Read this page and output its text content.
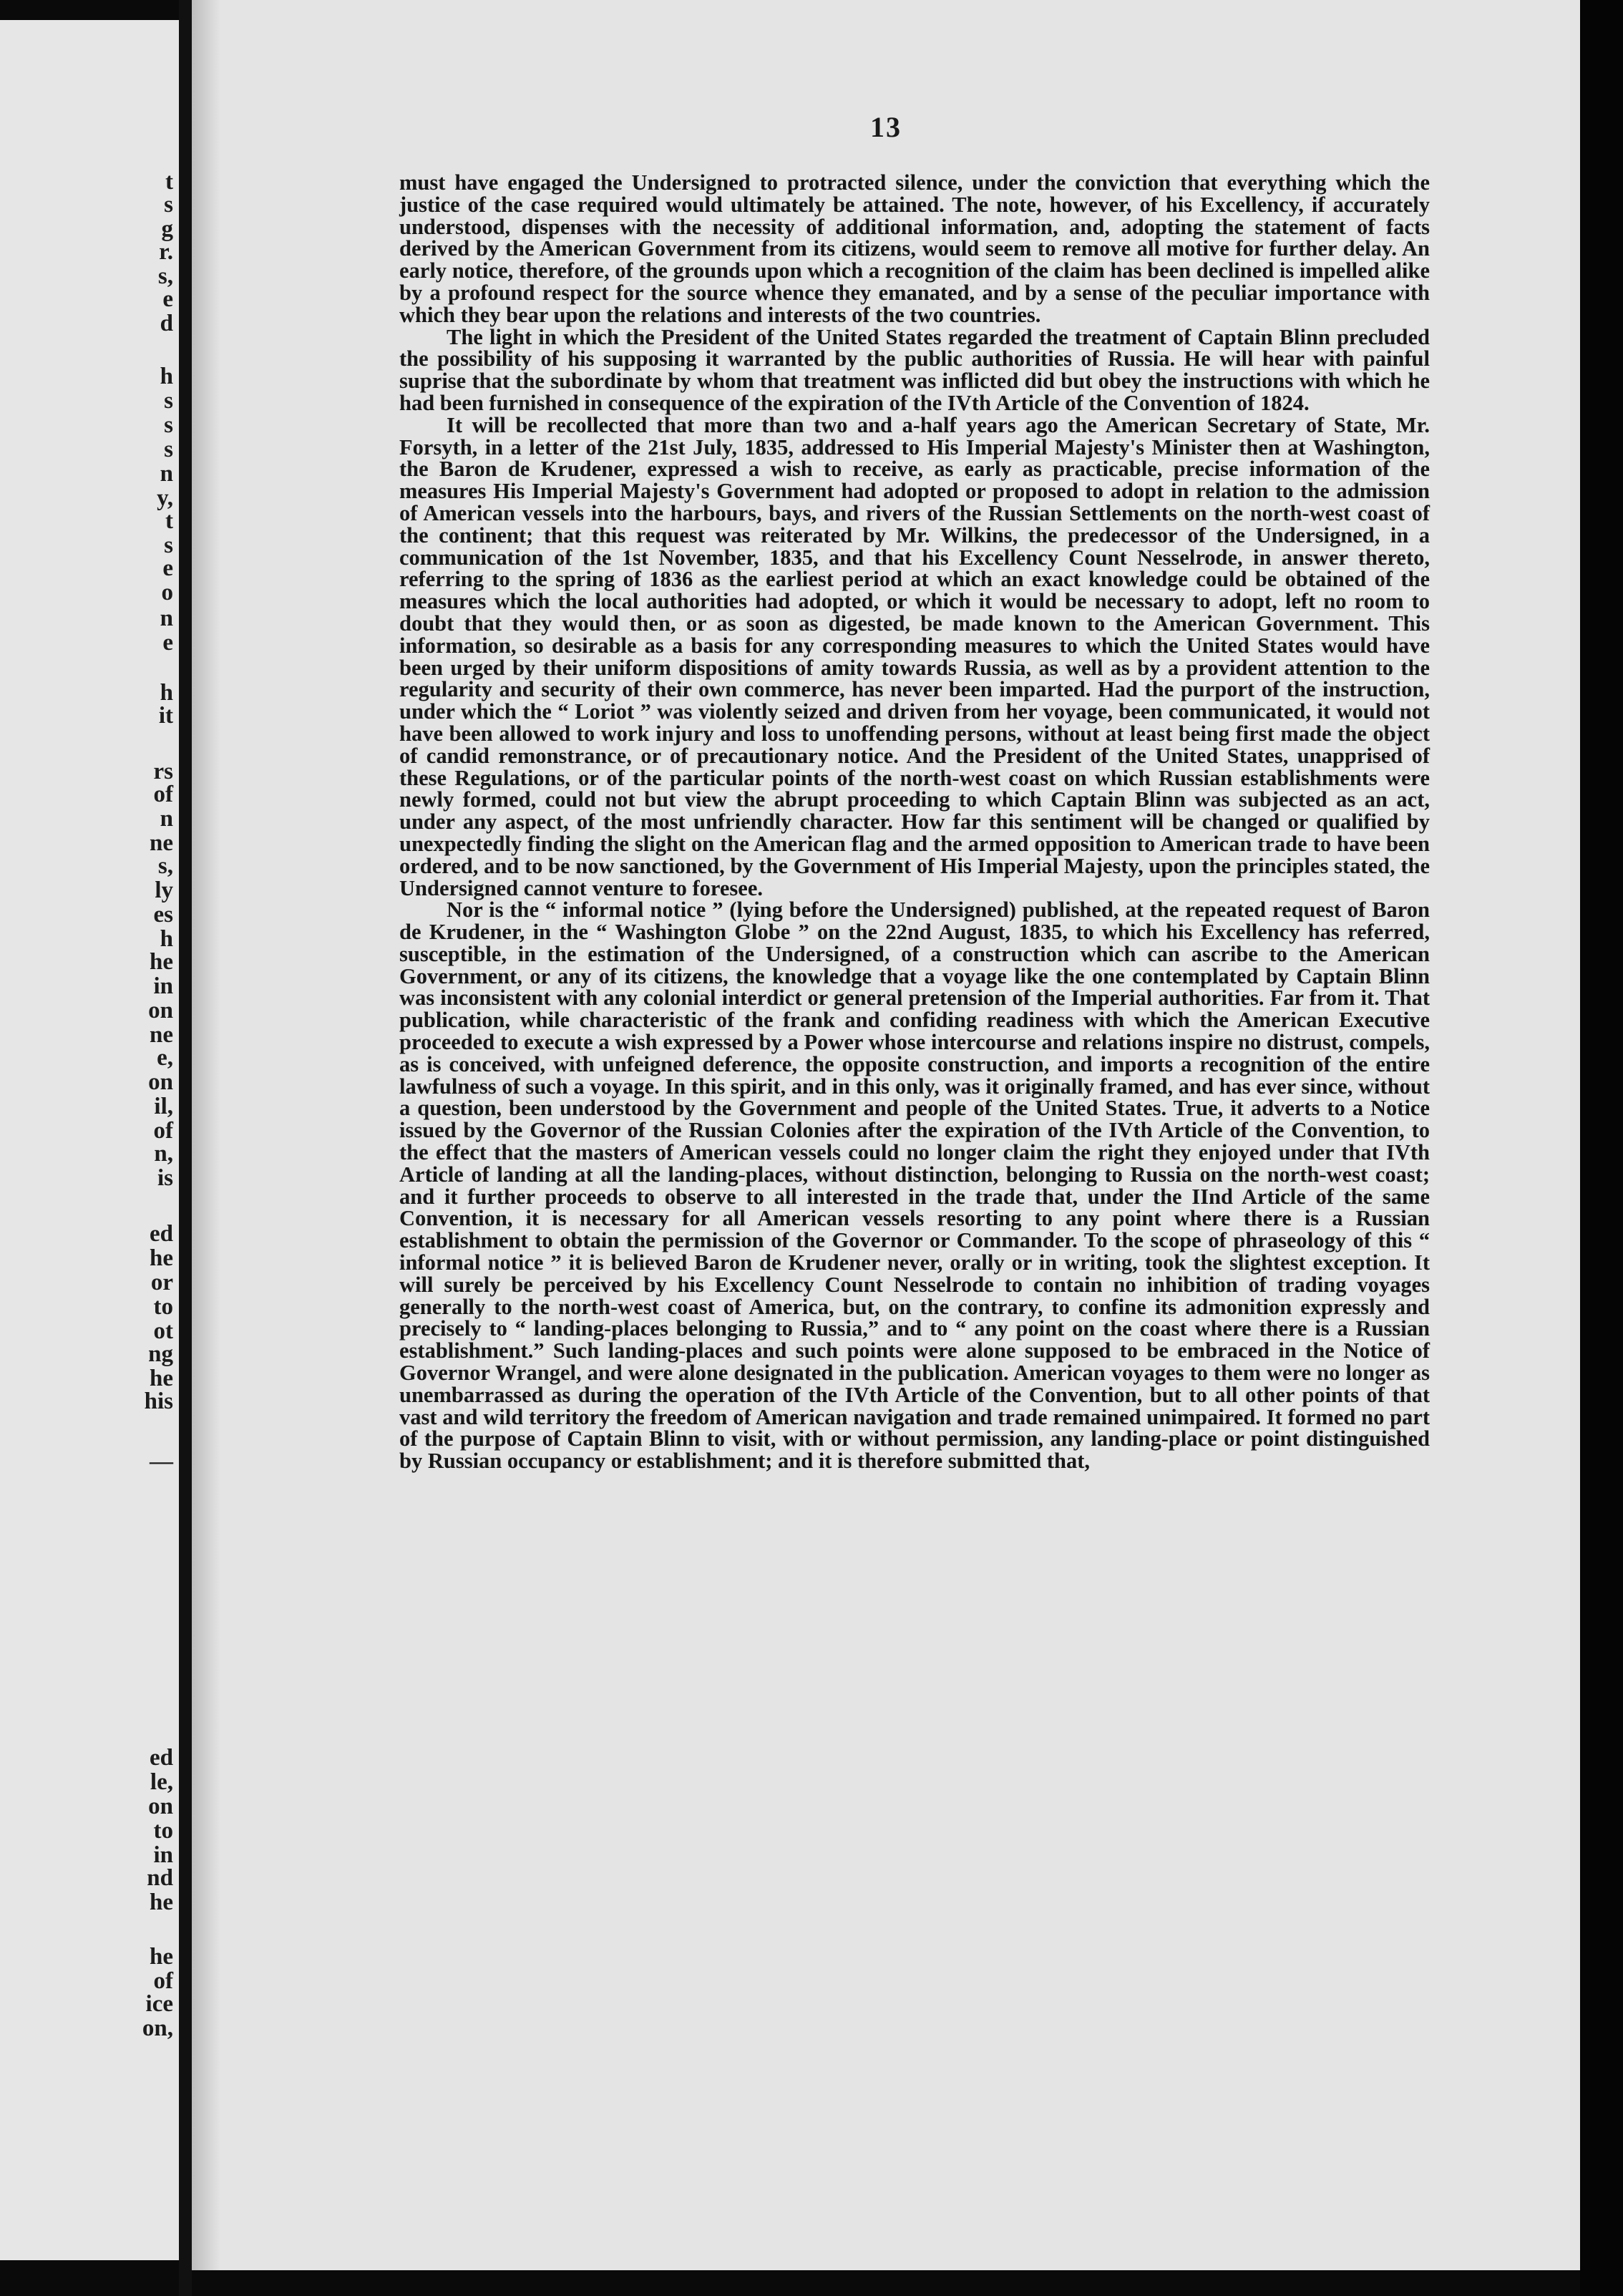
t
s
g
r.
s,
e
d
h
s
s
s
n
y,
t
s
e
o
n
e
h
it
rs
of
n
ne
s,
ly
es
h
he
in
on
ne
e,
on
il,
of
n,
is
ed
he
or
to
ot
ng
he
his
—
ed
le,
on
to
in
nd
he
he
of
ice
on,
13

must have engaged the Undersigned to protracted silence, under the conviction that everything which the justice of the case required would ultimately be attained. The note, however, of his Excellency, if accurately understood, dispenses with the necessity of additional information, and, adopting the statement of facts derived by the American Government from its citizens, would seem to remove all motive for further delay. An early notice, therefore, of the grounds upon which a recognition of the claim has been declined is impelled alike by a profound respect for the source whence they emanated, and by a sense of the peculiar importance with which they bear upon the relations and interests of the two countries.

The light in which the President of the United States regarded the treatment of Captain Blinn precluded the possibility of his supposing it warranted by the public authorities of Russia. He will hear with painful suprise that the subordinate by whom that treatment was inflicted did but obey the instructions with which he had been furnished in consequence of the expiration of the IVth Article of the Convention of 1824.

It will be recollected that more than two and a-half years ago the American Secretary of State, Mr. Forsyth, in a letter of the 21st July, 1835, addressed to His Imperial Majesty's Minister then at Washington, the Baron de Krudener, expressed a wish to receive, as early as practicable, precise information of the measures His Imperial Majesty's Government had adopted or proposed to adopt in relation to the admission of American vessels into the harbours, bays, and rivers of the Russian Settlements on the north-west coast of the continent; that this request was reiterated by Mr. Wilkins, the predecessor of the Undersigned, in a communication of the 1st November, 1835, and that his Excellency Count Nesselrode, in answer thereto, referring to the spring of 1836 as the earliest period at which an exact knowledge could be obtained of the measures which the local authorities had adopted, or which it would be necessary to adopt, left no room to doubt that they would then, or as soon as digested, be made known to the American Government. This information, so desirable as a basis for any corresponding measures to which the United States would have been urged by their uniform dispositions of amity towards Russia, as well as by a provident attention to the regularity and security of their own commerce, has never been imparted. Had the purport of the instruction, under which the “ Loriot ” was violently seized and driven from her voyage, been communicated, it would not have been allowed to work injury and loss to unoffending persons, without at least being first made the object of candid remonstrance, or of precautionary notice. And the President of the United States, unapprised of these Regulations, or of the particular points of the north-west coast on which Russian establishments were newly formed, could not but view the abrupt proceeding to which Captain Blinn was subjected as an act, under any aspect, of the most unfriendly character. How far this sentiment will be changed or qualified by unexpectedly finding the slight on the American flag and the armed opposition to American trade to have been ordered, and to be now sanctioned, by the Government of His Imperial Majesty, upon the principles stated, the Undersigned cannot venture to foresee.

Nor is the “ informal notice ” (lying before the Undersigned) published, at the repeated request of Baron de Krudener, in the “ Washington Globe ” on the 22nd August, 1835, to which his Excellency has referred, susceptible, in the estimation of the Undersigned, of a construction which can ascribe to the American Government, or any of its citizens, the knowledge that a voyage like the one contemplated by Captain Blinn was inconsistent with any colonial interdict or general pretension of the Imperial authorities. Far from it. That publication, while characteristic of the frank and confiding readiness with which the American Executive proceeded to execute a wish expressed by a Power whose intercourse and relations inspire no distrust, compels, as is conceived, with unfeigned deference, the opposite construction, and imports a recognition of the entire lawfulness of such a voyage. In this spirit, and in this only, was it originally framed, and has ever since, without a question, been understood by the Government and people of the United States. True, it adverts to a Notice issued by the Governor of the Russian Colonies after the expiration of the IVth Article of the Convention, to the effect that the masters of American vessels could no longer claim the right they enjoyed under that IVth Article of landing at all the landing-places, without distinction, belonging to Russia on the north-west coast; and it further proceeds to observe to all interested in the trade that, under the IInd Article of the same Convention, it is necessary for all American vessels resorting to any point where there is a Russian establishment to obtain the permission of the Governor or Commander. To the scope of phraseology of this “ informal notice ” it is believed Baron de Krudener never, orally or in writing, took the slightest exception. It will surely be perceived by his Excellency Count Nesselrode to contain no inhibition of trading voyages generally to the north-west coast of America, but, on the contrary, to confine its admonition expressly and precisely to “ landing-places belonging to Russia,” and to “ any point on the coast where there is a Russian establishment.” Such landing-places and such points were alone supposed to be embraced in the Notice of Governor Wrangel, and were alone designated in the publication. American voyages to them were no longer as unembarrassed as during the operation of the IVth Article of the Convention, but to all other points of that vast and wild territory the freedom of American navigation and trade remained unimpaired. It formed no part of the purpose of Captain Blinn to visit, with or without permission, any landing-place or point distinguished by Russian occupancy or establishment; and it is therefore submitted that,
